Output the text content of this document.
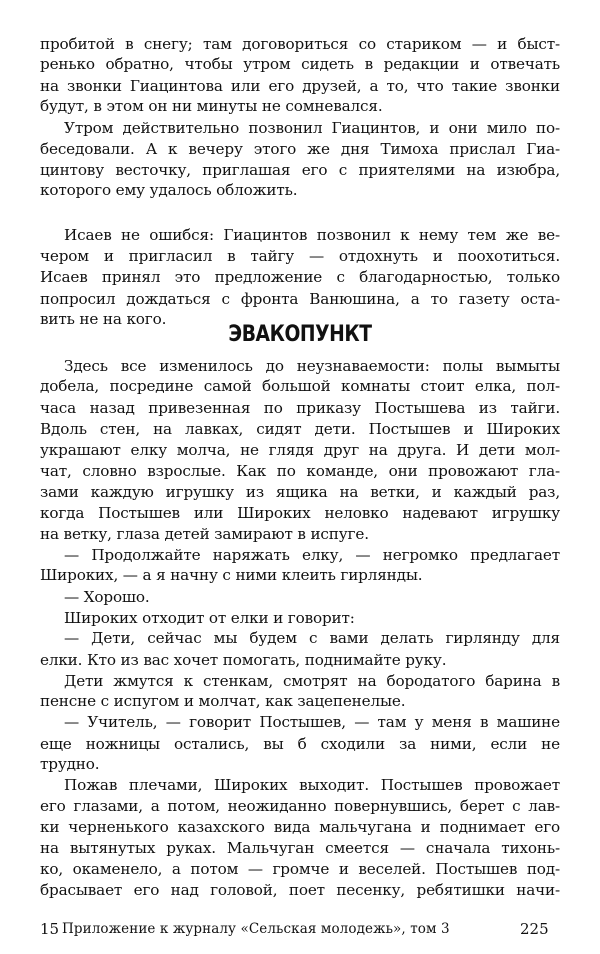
пробитой в снегу; там договориться со стариком — и быст-
ренько обратно, чтобы утром сидеть в редакции и отвечать
на звонки Гиацинтова или его друзей, а то, что такие звонки
будут, в этом он ни минуты не сомневался.
Утром действительно позвонил Гиацинтов, и они мило по-
беседовали. А к вечеру этого же дня Тимоха прислал Гиа-
цинтову весточку, приглашая его с приятелями на изюбра,
которого ему удалось обложить.
Исаев не ошибся: Гиацинтов позвонил к нему тем же ве-
чером и пригласил в тайгу — отдохнуть и поохотиться.
Исаев принял это предложение с благодарностью, только
попросил дождаться с фронта Ванюшина, а то газету оста-
вить не на кого.
ЭВАКОПУНКТ
Здесь все изменилось до неузнаваемости: полы вымыты
добела, посредине самой большой комнаты стоит елка, пол-
часа назад привезенная по приказу Постышева из тайги.
Вдоль стен, на лавках, сидят дети. Постышев и Широких
украшают елку молча, не глядя друг на друга. И дети мол-
чат, словно взрослые. Как по команде, они провожают гла-
зами каждую игрушку из ящика на ветки, и каждый раз,
когда Постышев или Широких неловко надевают игрушку
на ветку, глаза детей замирают в испуге.
— Продолжайте наряжать елку, — негромко предлагает
Широких, — а я начну с ними клеить гирлянды.
— Хорошо.
Широких отходит от елки и говорит:
— Дети, сейчас мы будем с вами делать гирлянду для
елки. Кто из вас хочет помогать, поднимайте руку.
Дети жмутся к стенкам, смотрят на бородатого барина в
пенсне с испугом и молчат, как зацепенелые.
— Учитель, — говорит Постышев, — там у меня в машине
еще ножницы остались, вы б сходили за ними, если не
трудно.
Пожав плечами, Широких выходит. Постышев провожает
его глазами, а потом, неожиданно повернувшись, берет с лав-
ки черненького казахского вида мальчугана и поднимает его
на вытянутых руках. Мальчуган смеется — сначала тихонь-
ко, окаменело, а потом — громче и веселей. Постышев под-
брасывает его над головой, поет песенку, ребятишки начи-
15 Приложение к журналу «Сельская молодежь», том 3	225
